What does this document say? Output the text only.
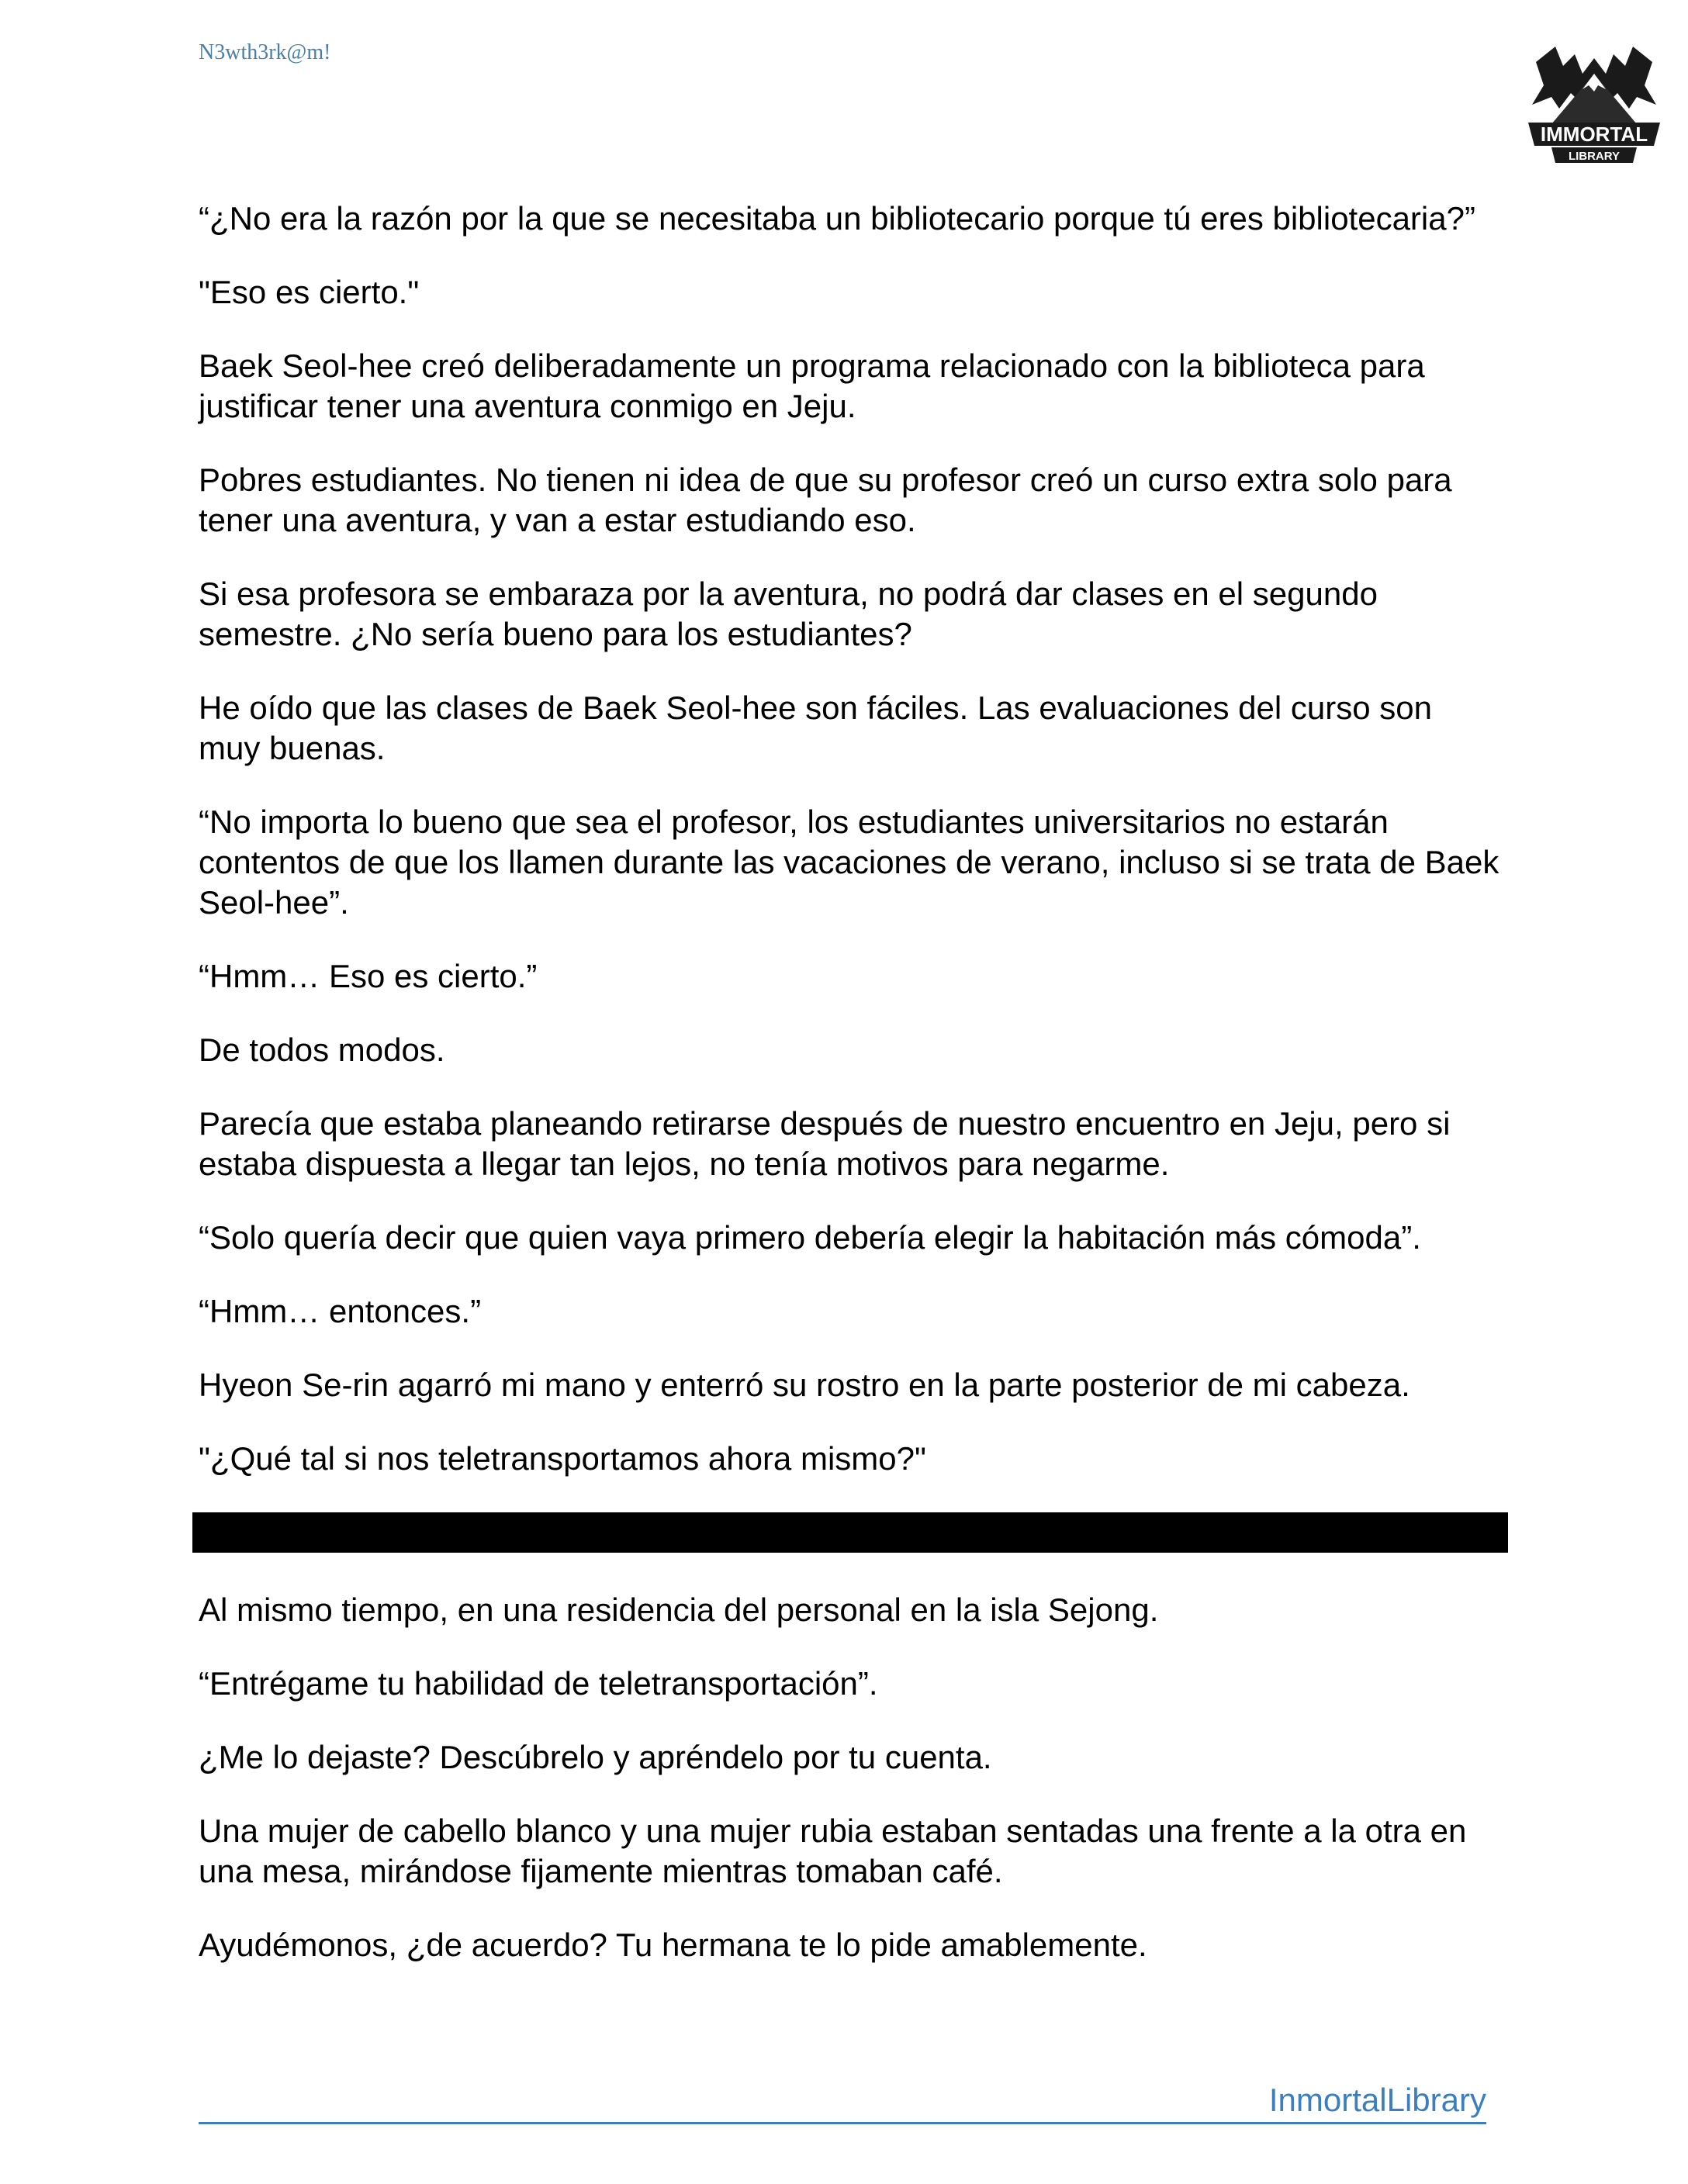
N3wth3rk@m!

IMMORTAL
LIBRARY

“¿No era la razón por la que se necesitaba un bibliotecario porque tú eres bibliotecaria?”

"Eso es cierto."

Baek Seol-hee creó deliberadamente un programa relacionado con la biblioteca para justificar tener una aventura conmigo en Jeju.

Pobres estudiantes. No tienen ni idea de que su profesor creó un curso extra solo para tener una aventura, y van a estar estudiando eso.

Si esa profesora se embaraza por la aventura, no podrá dar clases en el segundo semestre. ¿No sería bueno para los estudiantes?

He oído que las clases de Baek Seol-hee son fáciles. Las evaluaciones del curso son muy buenas.

“No importa lo bueno que sea el profesor, los estudiantes universitarios no estarán contentos de que los llamen durante las vacaciones de verano, incluso si se trata de Baek Seol-hee”.

“Hmm… Eso es cierto.”

De todos modos.

Parecía que estaba planeando retirarse después de nuestro encuentro en Jeju, pero si estaba dispuesta a llegar tan lejos, no tenía motivos para negarme.

“Solo quería decir que quien vaya primero debería elegir la habitación más cómoda”.

“Hmm… entonces.”

Hyeon Se-rin agarró mi mano y enterró su rostro en la parte posterior de mi cabeza.

"¿Qué tal si nos teletransportamos ahora mismo?"

Al mismo tiempo, en una residencia del personal en la isla Sejong.

“Entrégame tu habilidad de teletransportación”.

¿Me lo dejaste? Descúbrelo y apréndelo por tu cuenta.

Una mujer de cabello blanco y una mujer rubia estaban sentadas una frente a la otra en una mesa, mirándose fijamente mientras tomaban café.

Ayudémonos, ¿de acuerdo? Tu hermana te lo pide amablemente.

InmortalLibrary
